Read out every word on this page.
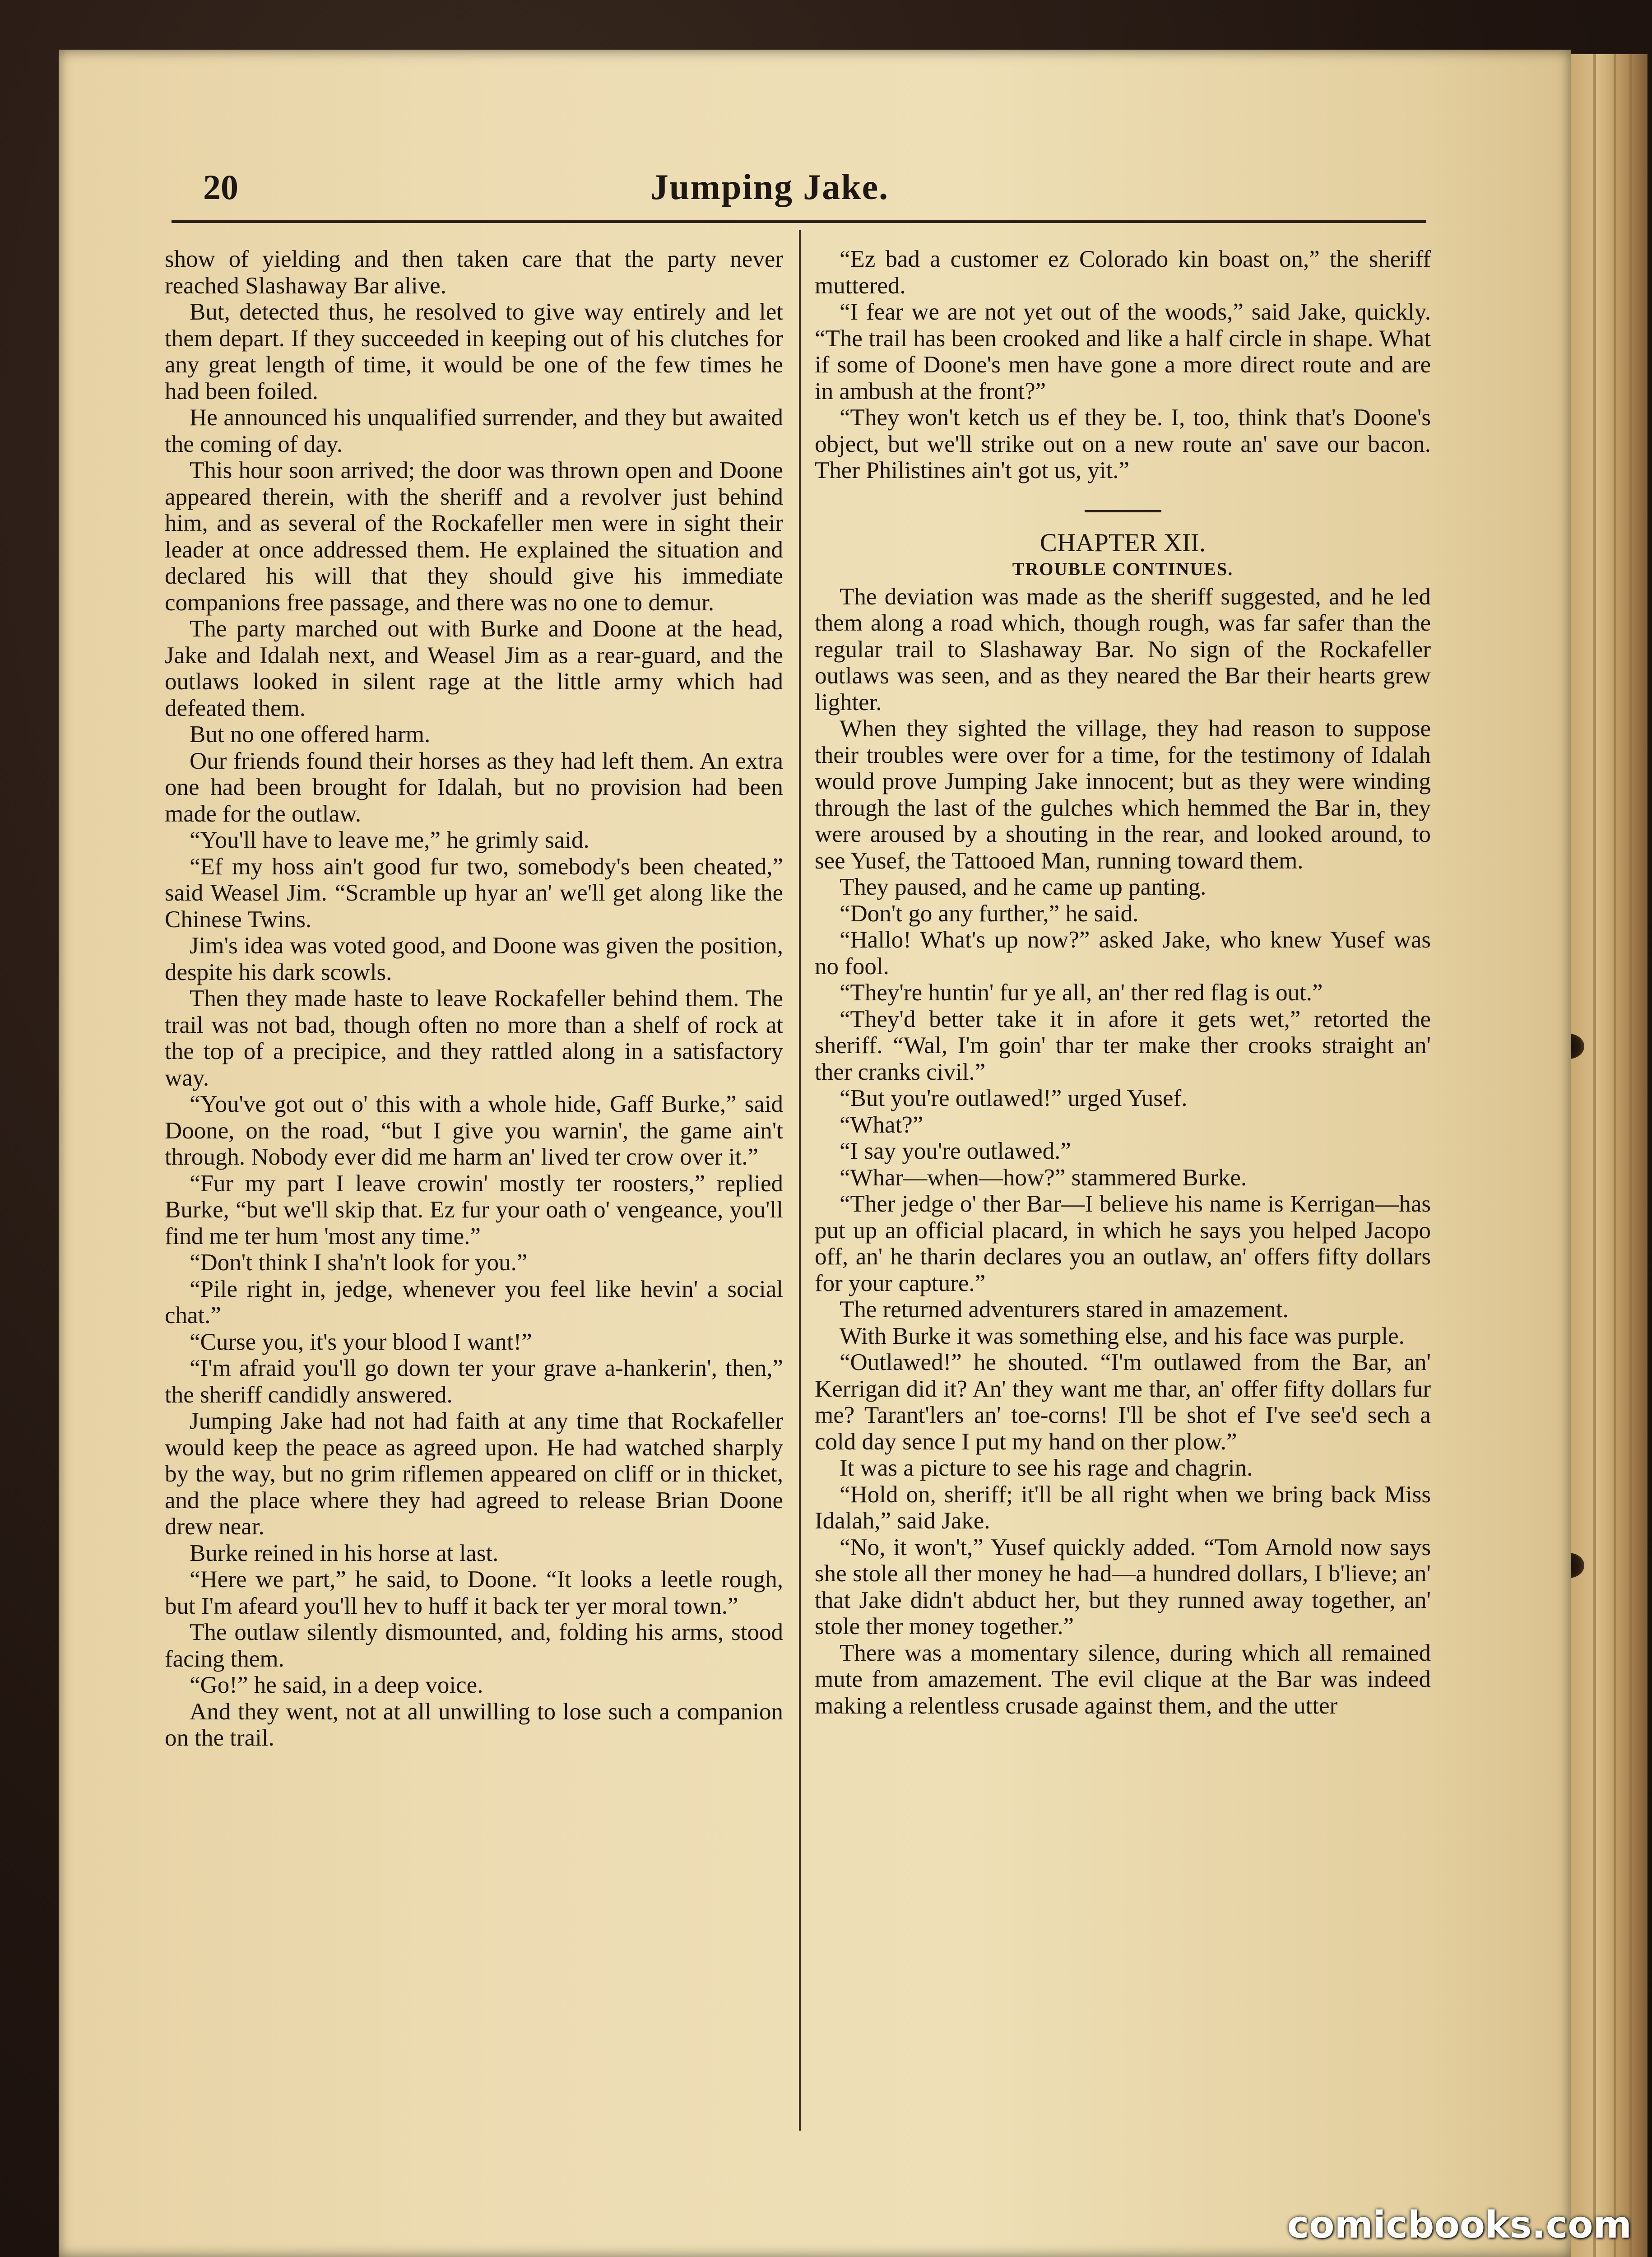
20	Jumping Jake.

show of yielding and then taken care that the party never reached Slashaway Bar alive.

But, detected thus, he resolved to give way entirely and let them depart. If they succeeded in keeping out of his clutches for any great length of time, it would be one of the few times he had been foiled.

He announced his unqualified surrender, and they but awaited the coming of day.

This hour soon arrived; the door was thrown open and Doone appeared therein, with the sheriff and a revolver just behind him, and as several of the Rockafeller men were in sight their leader at once addressed them. He explained the situation and declared his will that they should give his immediate companions free passage, and there was no one to demur.

The party marched out with Burke and Doone at the head, Jake and Idalah next, and Weasel Jim as a rear-guard, and the outlaws looked in silent rage at the little army which had defeated them.

But no one offered harm.

Our friends found their horses as they had left them. An extra one had been brought for Idalah, but no provision had been made for the outlaw.

“You'll have to leave me,” he grimly said.

“Ef my hoss ain't good fur two, somebody's been cheated,” said Weasel Jim. “Scramble up hyar an' we'll get along like the Chinese Twins.

Jim's idea was voted good, and Doone was given the position, despite his dark scowls.

Then they made haste to leave Rockafeller behind them. The trail was not bad, though often no more than a shelf of rock at the top of a precipice, and they rattled along in a satisfactory way.

“You've got out o' this with a whole hide, Gaff Burke,” said Doone, on the road, “but I give you warnin', the game ain't through. Nobody ever did me harm an' lived ter crow over it.”

“Fur my part I leave crowin' mostly ter roosters,” replied Burke, “but we'll skip that. Ez fur your oath o' vengeance, you'll find me ter hum 'most any time.”

“Don't think I sha'n't look for you.”

“Pile right in, jedge, whenever you feel like hevin' a social chat.”

“Curse you, it's your blood I want!”

“I'm afraid you'll go down ter your grave a-hankerin', then,” the sheriff candidly answered.

Jumping Jake had not had faith at any time that Rockafeller would keep the peace as agreed upon. He had watched sharply by the way, but no grim riflemen appeared on cliff or in thicket, and the place where they had agreed to release Brian Doone drew near.

Burke reined in his horse at last.

“Here we part,” he said, to Doone. “It looks a leetle rough, but I'm afeard you'll hev to huff it back ter yer moral town.”

The outlaw silently dismounted, and, folding his arms, stood facing them.

“Go!” he said, in a deep voice.

And they went, not at all unwilling to lose such a companion on the trail.

“Ez bad a customer ez Colorado kin boast on,” the sheriff muttered.

“I fear we are not yet out of the woods,” said Jake, quickly. “The trail has been crooked and like a half circle in shape. What if some of Doone's men have gone a more direct route and are in ambush at the front?”

“They won't ketch us ef they be. I, too, think that's Doone's object, but we'll strike out on a new route an' save our bacon. Ther Philistines ain't got us, yit.”

CHAPTER XII.

TROUBLE CONTINUES.

The deviation was made as the sheriff suggested, and he led them along a road which, though rough, was far safer than the regular trail to Slashaway Bar. No sign of the Rockafeller outlaws was seen, and as they neared the Bar their hearts grew lighter.

When they sighted the village, they had reason to suppose their troubles were over for a time, for the testimony of Idalah would prove Jumping Jake innocent; but as they were winding through the last of the gulches which hemmed the Bar in, they were aroused by a shouting in the rear, and looked around, to see Yusef, the Tattooed Man, running toward them.

They paused, and he came up panting.

“Don't go any further,” he said.

“Hallo! What's up now?” asked Jake, who knew Yusef was no fool.

“They're huntin' fur ye all, an' ther red flag is out.”

“They'd better take it in afore it gets wet,” retorted the sheriff. “Wal, I'm goin' thar ter make ther crooks straight an' ther cranks civil.”

“But you're outlawed!” urged Yusef.

“What?”

“I say you're outlawed.”

“Whar—when—how?” stammered Burke.

“Ther jedge o' ther Bar—I believe his name is Kerrigan—has put up an official placard, in which he says you helped Jacopo off, an' he tharin declares you an outlaw, an' offers fifty dollars for your capture.”

The returned adventurers stared in amazement.

With Burke it was something else, and his face was purple.

“Outlawed!” he shouted. “I'm outlawed from the Bar, an' Kerrigan did it? An' they want me thar, an' offer fifty dollars fur me? Tarant'lers an' toe-corns! I'll be shot ef I've see'd sech a cold day sence I put my hand on ther plow.”

It was a picture to see his rage and chagrin.

“Hold on, sheriff; it'll be all right when we bring back Miss Idalah,” said Jake.

“No, it won't,” Yusef quickly added. “Tom Arnold now says she stole all ther money he had—a hundred dollars, I b'lieve; an' that Jake didn't abduct her, but they runned away together, an' stole ther money together.”

There was a momentary silence, during which all remained mute from amazement. The evil clique at the Bar was indeed making a relentless crusade against them, and the utter

comicbooks.com
